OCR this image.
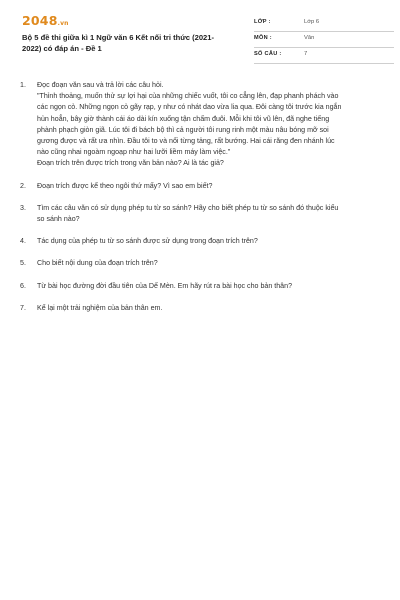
2048.vn
Bộ 5 đề thi giữa kì 1 Ngữ văn 6 Kết nối tri thức (2021-
2022) có đáp án - Đề 1
LỚP :	Lớp 6
MÔN :	Văn
SỐ CÂU :	7
1. Đọc đoạn văn sau và trả lời các câu hỏi.
"Thỉnh thoảng, muốn thử sự lợi hại của những chiếc vuốt, tôi co cẳng lên, đạp phanh phách vào
các ngọn cỏ. Những ngọn cỏ gãy rạp, y như có nhát dao vừa lia qua. Đôi càng tôi trước kia ngắn
hủn hoẳn, bây giờ thành cái áo dài kín xuống tận chấm đuôi. Mỗi khi tôi vũ lên, đã nghe tiếng
phành phạch giòn giã. Lúc tôi đi bách bộ thì cả người tôi rung rinh một màu nâu bóng mỡ soi
gương được và rất ưa nhìn. Đầu tôi to và nổi từng tảng, rất bướng. Hai cái răng đen nhánh lúc
nào cũng nhai ngoàm ngoạp như hai lưỡi liềm máy làm việc."
Đoạn trích trên được trích trong văn bản nào? Ai là tác giả?
2. Đoạn trích được kể theo ngôi thứ mấy? Vì sao em biết?
3. Tìm các câu văn có sử dụng phép tu từ so sánh? Hãy cho biết phép tu từ so sánh đó thuộc kiểu
so sánh nào?
4. Tác dụng của phép tu từ so sánh được sử dụng trong đoạn trích trên?
5. Cho biết nội dung của đoạn trích trên?
6. Từ bài học đường đời đầu tiên của Dế Mèn. Em hãy rút ra bài học cho bản thân?
7. Kể lại một trải nghiệm của bản thân em.
